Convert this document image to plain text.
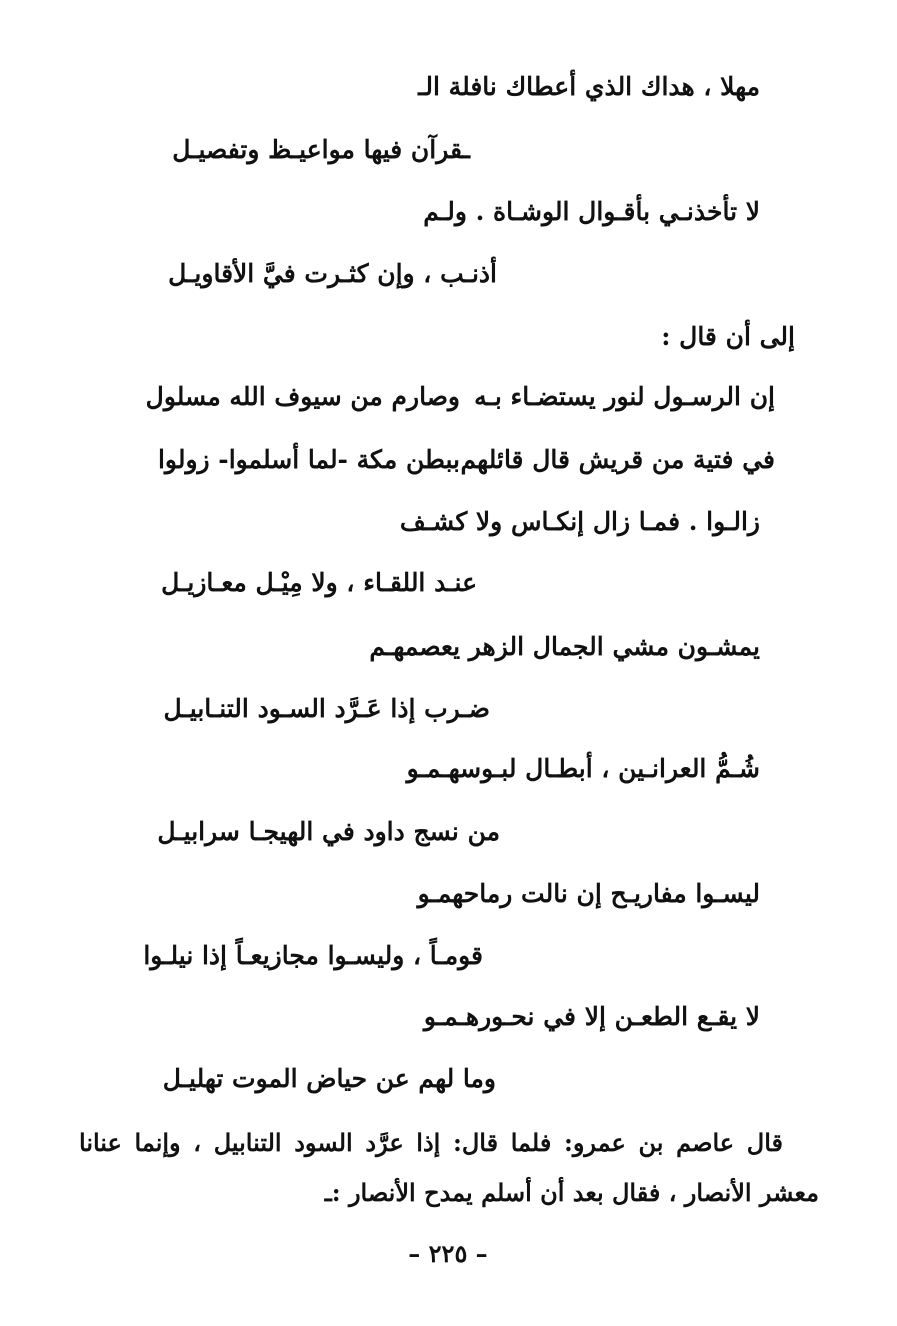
مهلا ، هداك الذي أعطاك نافلة الـ
ـقرآن فيها مواعيـظ وتفصيـل
لا تأخذنـي بأقـوال الوشـاة . ولـم
أذنـب ، وإن كثـرت فيَّ الأقاويـل
إلى أن قال :
إن الرسـول لنور يستضـاء بـه
وصارم من سيوف الله مسلول
في فتية من قريش قال قائلهم
ببطن مكة -لما أسلموا- زولوا
زالـوا . فمـا زال إنكـاس ولا كشـف
عنـد اللقـاء ، ولا مِيْـل معـازيـل
يمشـون مشي الجمال الزهر يعصمهـم
ضـرب إذا عَـرَّد السـود التنـابيـل
شُـمُّ العرانـين ، أبطـال لبـوسهـمـو
من نسج داود في الهيجـا سرابيـل
ليسـوا مفاريـح إن نالت رماحهمـو
قومـاً ، وليسـوا مجازيعـاً إذا نيلـوا
لا يقـع الطعـن إلا في نحـورهـمـو
وما لهم عن حياض الموت تهليـل
قال عاصم بن عمرو: فلما قال: إذا عرَّد السود التنابيل ، وإنما عنانا معشر الأنصار ، فقال بعد أن أسلم يمدح الأنصار :ـ
– ٢٢٥ –
